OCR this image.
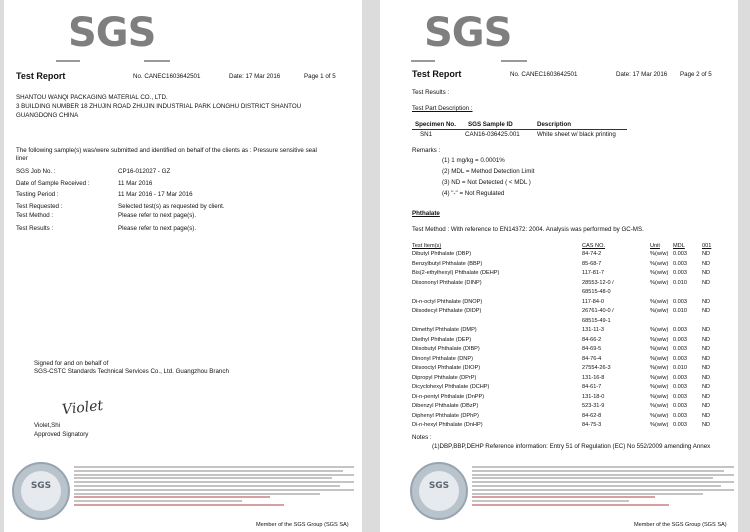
SGS
Test Report	No. CANEC1603642501	Date: 17 Mar 2016	Page 1 of 5
SHANTOU WANQI PACKAGING MATERIAL CO., LTD.
3 BUILDING NUMBER 18 ZHUJIN ROAD ZHUJIN INDUSTRIAL PARK LONGHU DISTRICT SHANTOU
GUANGDONG CHINA
The following sample(s) was/were submitted and identified on behalf of the clients as : Pressure sensitive seal
liner
SGS Job No. :	CP16-012027 - GZ
Date of Sample Received :	11 Mar 2016
Testing Period :	11 Mar 2016 - 17 Mar 2016
Test Requested :	Selected test(s) as requested by client.
Test Method :	Please refer to next page(s).
Test Results :	Please refer to next page(s).
Signed for and on behalf of
SGS-CSTC Standards Technical Services Co., Ltd. Guangzhou Branch
Violet
Violet,Shi
Approved Signatory
SGS
Member of the SGS Group (SGS SA)
SGS
Test Report	No. CANEC1603642501	Date: 17 Mar 2016 Page 2 of 5
Test Results :
Test Part Description :
Specimen No. SGS Sample ID	Description
SN1	CAN16-036425.001	White sheet w/ black printing
Remarks :
(1) 1 mg/kg = 0.0001%
(2) MDL = Method Detection Limit
(3) ND = Not Detected ( < MDL )
(4) "-" = Not Regulated
Phthalate
Test Method : With reference to EN14372: 2004. Analysis was performed by GC-MS.
Test Item(s)	CAS NO.	Unit MDL	001
Dibutyl Phthalate (DBP)	84-74-2	%(w/w) 0.003	ND
Benzylbutyl Phthalate (BBP)	85-68-7	%(w/w) 0.003	ND
Bis(2-ethylhexyl) Phthalate (DEHP)	117-81-7	%(w/w) 0.003	ND
Diisononyl Phthalate (DINP)	28553-12-0 /	%(w/w) 0.010	ND
68515-48-0
Di-n-octyl Phthalate (DNOP)	117-84-0	%(w/w) 0.003	ND
Diisodecyl Phthalate (DIDP)	26761-40-0 /	%(w/w) 0.010	ND
68515-49-1
Dimethyl Phthalate (DMP)	131-11-3	%(w/w) 0.003	ND
Diethyl Phthalate (DEP)	84-66-2	%(w/w) 0.003	ND
Diisobutyl Phthalate (DIBP)	84-69-5	%(w/w) 0.003	ND
Dinonyl Phthalate (DNP)	84-76-4	%(w/w) 0.003	ND
Diisooctyl Phthalate (DIOP)	27554-26-3	%(w/w) 0.010	ND
Dipropyl Phthalate (DPrP)	131-16-8	%(w/w) 0.003	ND
Dicyclohexyl Phthalate (DCHP)	84-61-7	%(w/w) 0.003	ND
Di-n-pentyl Phthalate (DnPP)	131-18-0	%(w/w) 0.003	ND
Dibenzyl Phthalate (DBzP)	523-31-9	%(w/w) 0.003	ND
Diphenyl Phthalate (DPhP)	84-62-8	%(w/w) 0.003	ND
Di-n-hexyl Phthalate (DnHP)	84-75-3	%(w/w) 0.003	ND
Notes :
(1)DBP,BBP,DEHP Reference information: Entry 51 of Regulation (EC) No 552/2009 amending Annex
SGS
Member of the SGS Group (SGS SA)
